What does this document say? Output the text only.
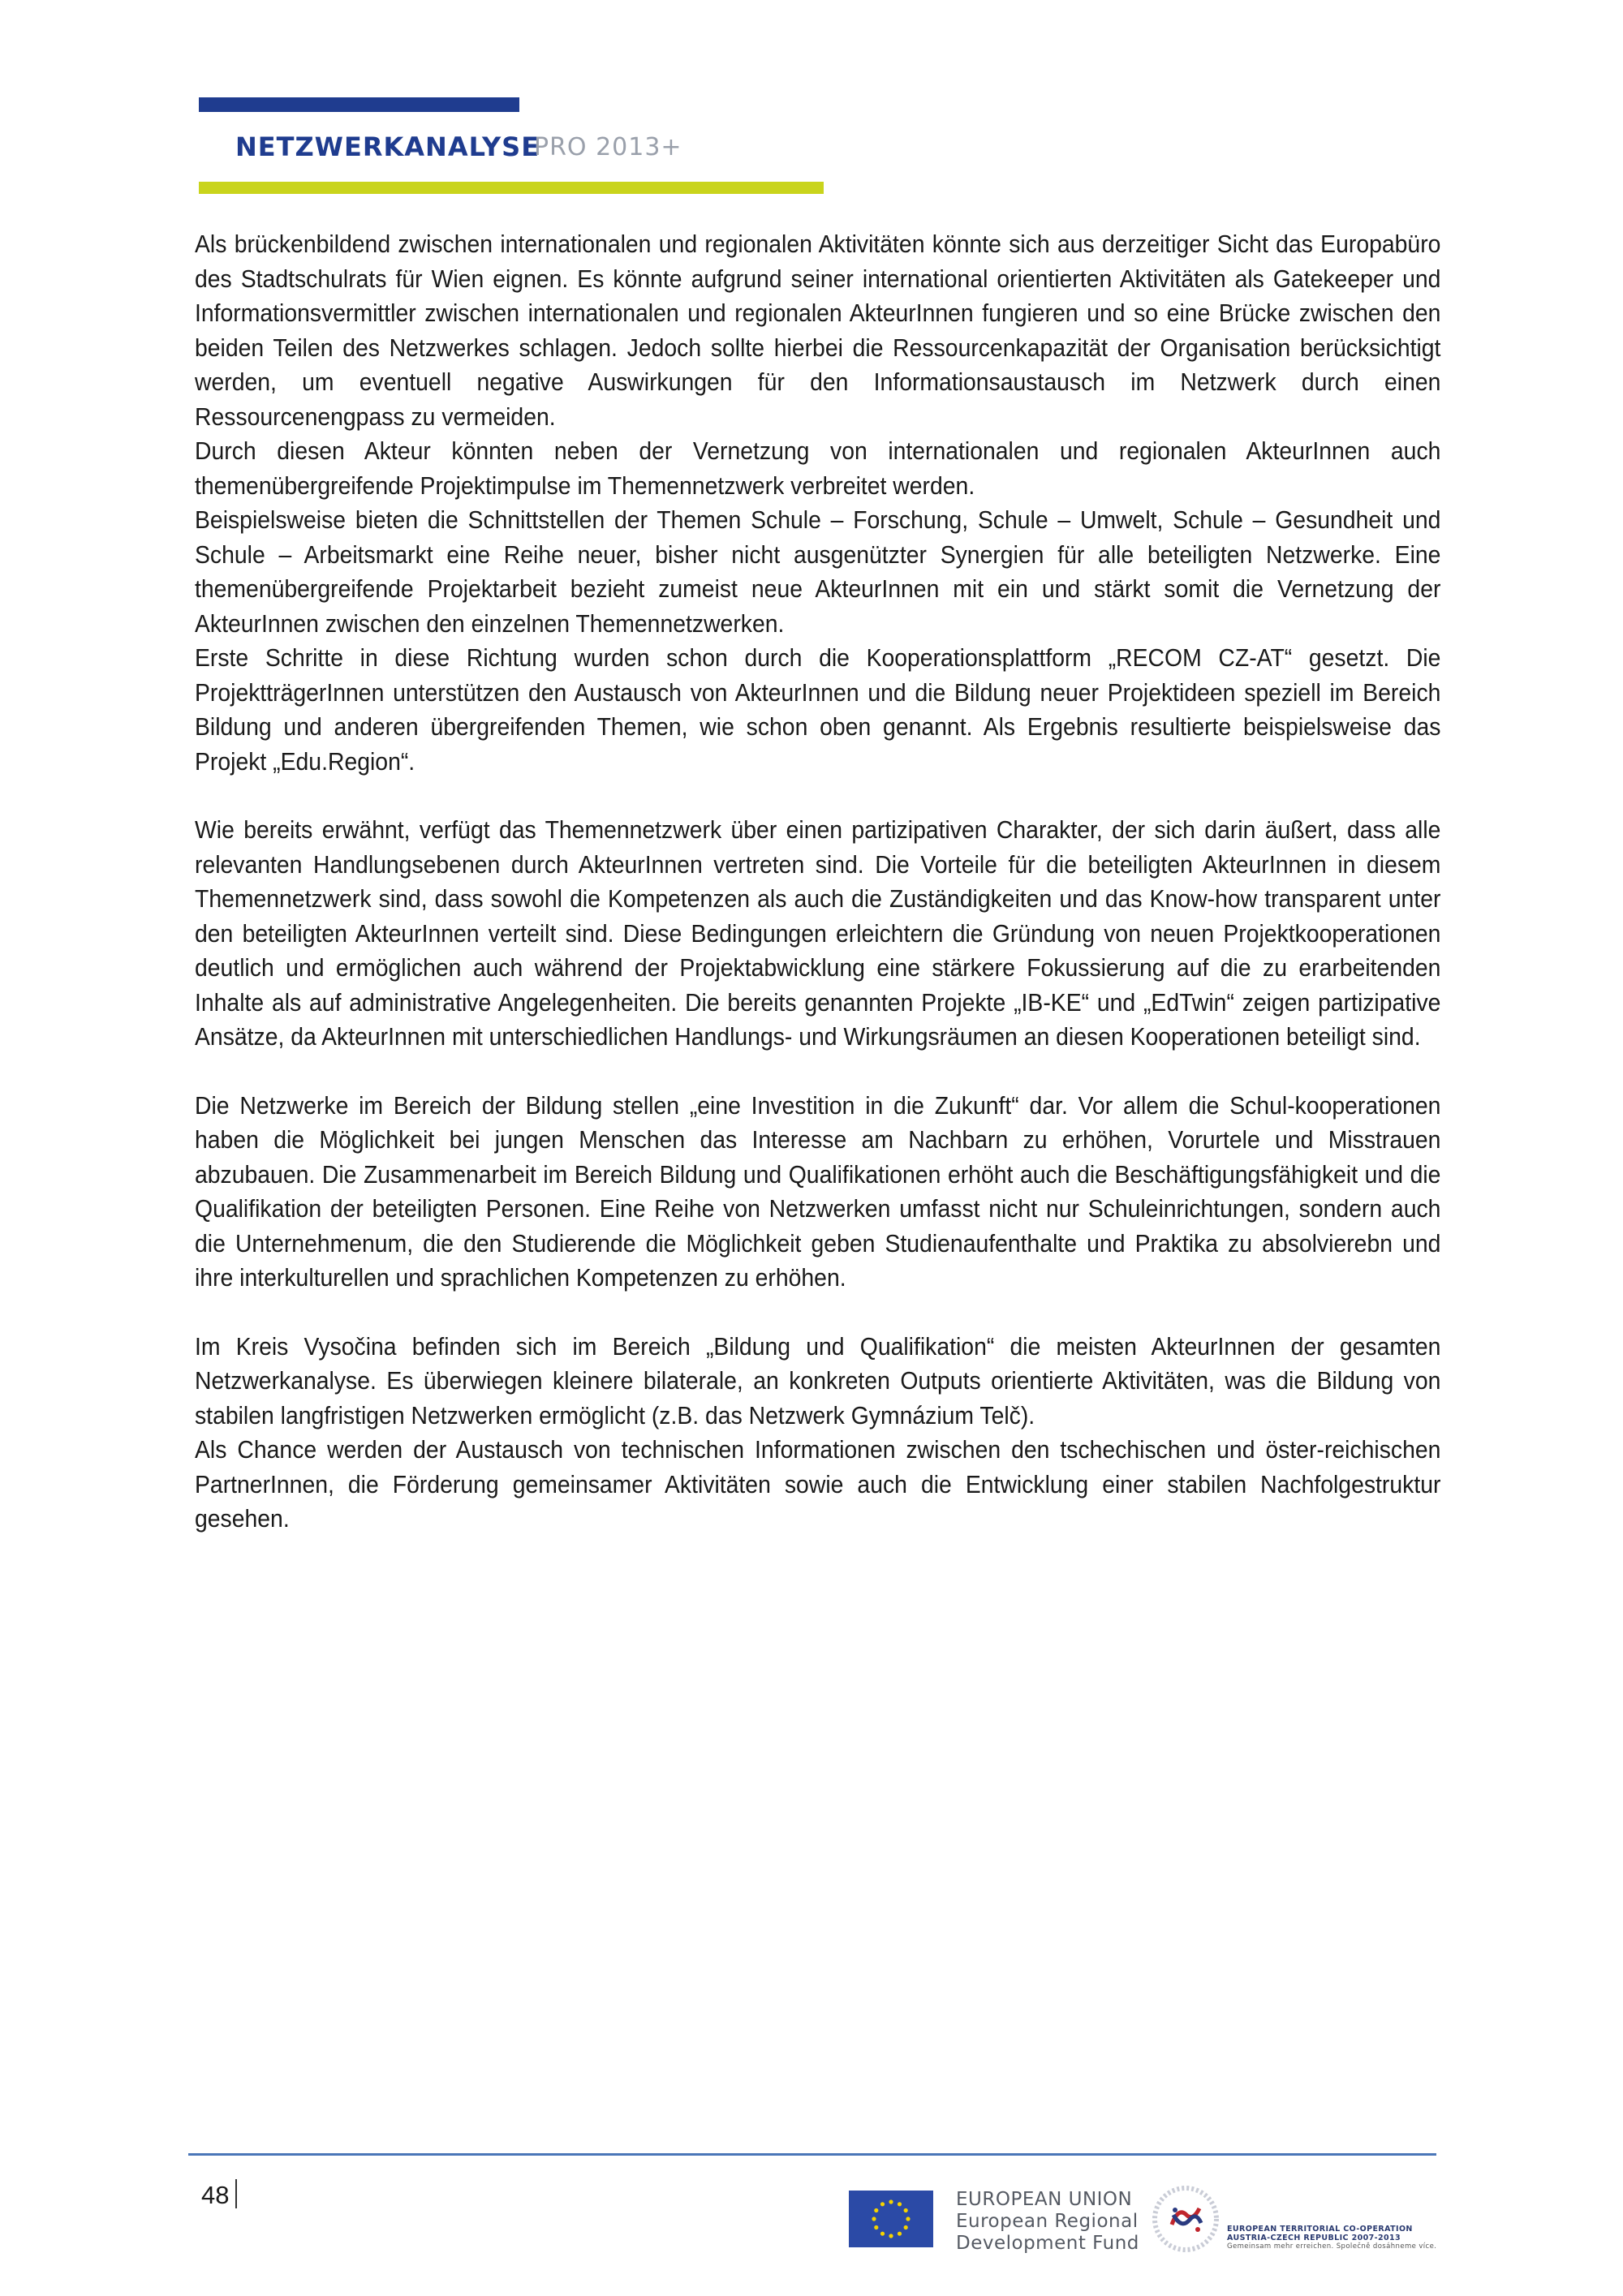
NETZWERKANALYSE
PRO 2013+

Als brückenbildend zwischen internationalen und regionalen Aktivitäten könnte sich aus derzeitiger Sicht das Europabüro des Stadtschulrats für Wien eignen. Es könnte aufgrund seiner international orientierten Aktivitäten als Gatekeeper und Informationsvermittler zwischen internationalen und regionalen AkteurInnen fungieren und so eine Brücke zwischen den beiden Teilen des Netzwerkes schlagen. Jedoch sollte hierbei die Ressourcenkapazität der Organisation berücksichtigt werden, um eventuell negative Auswirkungen für den Informationsaustausch im Netzwerk durch einen Ressourcenengpass zu vermeiden.

Durch diesen Akteur könnten neben der Vernetzung von internationalen und regionalen AkteurInnen auch themenübergreifende Projektimpulse im Themennetzwerk verbreitet werden.

Beispielsweise bieten die Schnittstellen der Themen Schule – Forschung, Schule – Umwelt, Schule – Gesundheit und Schule – Arbeitsmarkt eine Reihe neuer, bisher nicht ausgenützter Synergien für alle beteiligten Netzwerke. Eine themenübergreifende Projektarbeit bezieht zumeist neue AkteurInnen mit ein und stärkt somit die Vernetzung der AkteurInnen zwischen den einzelnen Themennetzwerken.

Erste Schritte in diese Richtung wurden schon durch die Kooperationsplattform „RECOM CZ-AT“ gesetzt. Die ProjektträgerInnen unterstützen den Austausch von AkteurInnen und die Bildung neuer Projektideen speziell im Bereich Bildung und anderen übergreifenden Themen, wie schon oben genannt. Als Ergebnis resultierte beispielsweise das Projekt „Edu.Region“.

Wie bereits erwähnt, verfügt das Themennetzwerk über einen partizipativen Charakter, der sich darin äußert, dass alle relevanten Handlungsebenen durch AkteurInnen vertreten sind. Die Vorteile für die beteiligten AkteurInnen in diesem Themennetzwerk sind, dass sowohl die Kompetenzen als auch die Zuständigkeiten und das Know-how transparent unter den beteiligten AkteurInnen verteilt sind. Diese Bedingungen erleichtern die Gründung von neuen Projektkooperationen deutlich und ermöglichen auch während der Projektabwicklung eine stärkere Fokussierung auf die zu erarbeitenden Inhalte als auf administrative Angelegenheiten. Die bereits genannten Projekte „IB-KE“ und „EdTwin“ zeigen partizipative Ansätze, da AkteurInnen mit unterschiedlichen Handlungs- und Wirkungsräumen an diesen Kooperationen beteiligt sind.

Die Netzwerke im Bereich der Bildung stellen „eine Investition in die Zukunft“ dar. Vor allem die Schul-kooperationen haben die Möglichkeit bei jungen Menschen das Interesse am Nachbarn zu erhöhen, Vorurtele und Misstrauen abzubauen. Die Zusammenarbeit im Bereich Bildung und Qualifikationen erhöht auch die Beschäftigungsfähigkeit und die Qualifikation der beteiligten Personen. Eine Reihe von Netzwerken umfasst nicht nur Schuleinrichtungen, sondern auch die Unternehmenum, die den Studierende die Möglichkeit geben Studienaufenthalte und Praktika zu absolvierebn und ihre interkulturellen und sprachlichen Kompetenzen zu erhöhen.

Im Kreis Vysočina befinden sich im Bereich „Bildung und Qualifikation“ die meisten AkteurInnen der gesamten Netzwerkanalyse. Es überwiegen kleinere bilaterale, an konkreten Outputs orientierte Aktivitäten, was die Bildung von stabilen langfristigen Netzwerken ermöglicht (z.B. das Netzwerk Gymnázium Telč).

Als Chance werden der Austausch von technischen Informationen zwischen den tschechischen und öster-reichischen PartnerInnen, die Förderung gemeinsamer Aktivitäten sowie auch die Entwicklung einer stabilen Nachfolgestruktur gesehen.

48	EUROPEAN UNION
European Regional
Development Fund
EUROPEAN TERRITORIAL CO-OPERATION
AUSTRIA-CZECH REPUBLIC 2007-2013
Gemeinsam mehr erreichen. Společně dosáhneme více.
